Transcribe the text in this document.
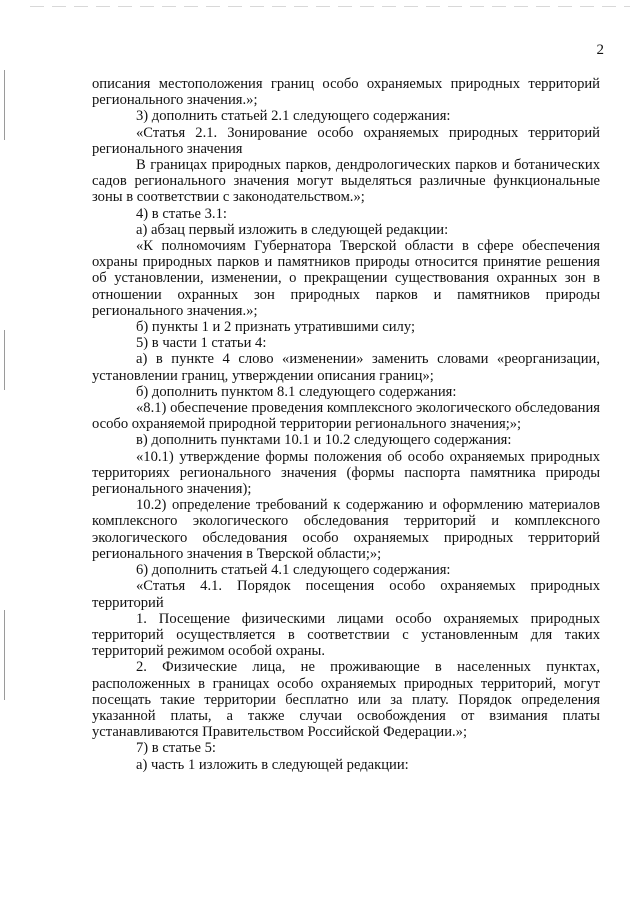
2

описания местоположения границ особо охраняемых природных территорий регионального значения.»;

3) дополнить статьей 2.1 следующего содержания:

«Статья 2.1. Зонирование особо охраняемых природных территорий регионального значения

В границах природных парков, дендрологических парков и ботанических садов регионального значения могут выделяться различные функциональные зоны в соответствии с законодательством.»;

4) в статье 3.1:

а) абзац первый изложить в следующей редакции:

«К полномочиям Губернатора Тверской области в сфере обеспечения охраны природных парков и памятников природы относится принятие решения об установлении, изменении, о прекращении существования охранных зон в отношении охранных зон природных парков и памятников природы регионального значения.»;

б) пункты 1 и 2 признать утратившими силу;

5) в части 1 статьи 4:

а) в пункте 4 слово «изменении» заменить словами «реорганизации, установлении границ, утверждении описания границ»;

б) дополнить пунктом 8.1 следующего содержания:

«8.1) обеспечение проведения комплексного экологического обследования особо охраняемой природной территории регионального значения;»;

в) дополнить пунктами 10.1 и 10.2 следующего содержания:

«10.1) утверждение формы положения об особо охраняемых природных территориях регионального значения (формы паспорта памятника природы регионального значения);

10.2) определение требований к содержанию и оформлению материалов комплексного экологического обследования территорий и комплексного экологического обследования особо охраняемых природных территорий регионального значения в Тверской области;»;

6) дополнить статьей 4.1 следующего содержания:

«Статья 4.1. Порядок посещения особо охраняемых природных территорий

1. Посещение физическими лицами особо охраняемых природных территорий осуществляется в соответствии с установленным для таких территорий режимом особой охраны.

2. Физические лица, не проживающие в населенных пунктах, расположенных в границах особо охраняемых природных территорий, могут посещать такие территории бесплатно или за плату. Порядок определения указанной платы, а также случаи освобождения от взимания платы устанавливаются Правительством Российской Федерации.»;

7) в статье 5:

а) часть 1 изложить в следующей редакции:
